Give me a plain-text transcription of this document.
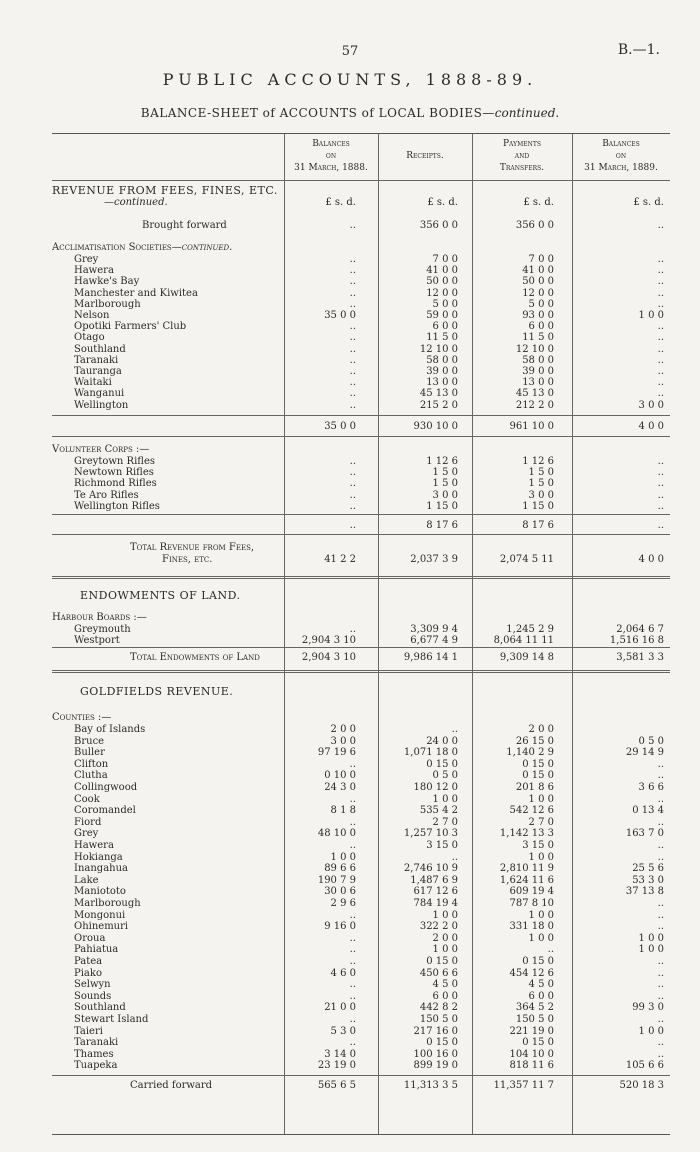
57	B.—1.
PUBLIC ACCOUNTS, 1888-89.
BALANCE-SHEET of ACCOUNTS of LOCAL BODIES—continued.
Balances
on
31 March, 1888.
Receipts.
Payments
and
Transfers.
Balances
on
31 March, 1889.
REVENUE FROM FEES, FINES, ETC.
—continued.	£ s. d.	£ s. d.	£ s. d.	£ s. d.
Brought forward	..	356 0 0	356 0 0	..
Acclimatisation Societies—continued.
Grey	..	7 0 0	7 0 0	..
Hawera	..	41 0 0	41 0 0	..
Hawke's Bay	..	50 0 0	50 0 0	..
Manchester and Kiwitea	..	12 0 0	12 0 0	..
Marlborough	..	5 0 0	5 0 0	..
Nelson	35 0 0	59 0 0	93 0 0	1 0 0
Opotiki Farmers' Club	..	6 0 0	6 0 0	..
Otago	..	11 5 0	11 5 0	..
Southland	..	12 10 0	12 10 0	..
Taranaki	..	58 0 0	58 0 0	..
Tauranga	..	39 0 0	39 0 0	..
Waitaki	..	13 0 0	13 0 0	..
Wanganui	..	45 13 0	45 13 0	..
Wellington	..	215 2 0	212 2 0	3 0 0
35 0 0	930 10 0	961 10 0	4 0 0
Volunteer Corps :—
Greytown Rifles	..	1 12 6	1 12 6	..
Newtown Rifles	..	1 5 0	1 5 0	..
Richmond Rifles	..	1 5 0	1 5 0	..
Te Aro Rifles	..	3 0 0	3 0 0	..
Wellington Rifles	..	1 15 0	1 15 0	..
..	8 17 6	8 17 6	..
Total Revenue from Fees,
Fines, etc.	41 2 2	2,037 3 9	2,074 5 11	4 0 0
ENDOWMENTS OF LAND.
Harbour Boards :—
Greymouth	..	3,309 9 4	1,245 2 9	2,064 6 7
Westport	2,904 3 10	6,677 4 9	8,064 11 11	1,516 16 8
Total Endowments of Land	2,904 3 10	9,986 14 1	9,309 14 8	3,581 3 3
GOLDFIELDS REVENUE.
Counties :—
Bay of Islands	2 0 0	..	2 0 0
Bruce	3 0 0	24 0 0	26 15 0	0 5 0
Buller	97 19 6	1,071 18 0	1,140 2 9	29 14 9
Clifton	..	0 15 0	0 15 0	..
Clutha	0 10 0	0 5 0	0 15 0	..
Collingwood	24 3 0	180 12 0	201 8 6	3 6 6
Cook	..	1 0 0	1 0 0	..
Coromandel	8 1 8	535 4 2	542 12 6	0 13 4
Fiord	..	2 7 0	2 7 0	..
Grey	48 10 0	1,257 10 3	1,142 13 3	163 7 0
Hawera	..	3 15 0	3 15 0	..
Hokianga	1 0 0	..	1 0 0	..
Inangahua	89 6 6	2,746 10 9	2,810 11 9	25 5 6
Lake	190 7 9	1,487 6 9	1,624 11 6	53 3 0
Maniototo	30 0 6	617 12 6	609 19 4	37 13 8
Marlborough	2 9 6	784 19 4	787 8 10	..
Mongonui	..	1 0 0	1 0 0	..
Ohinemuri	9 16 0	322 2 0	331 18 0	..
Oroua	..	2 0 0	1 0 0	1 0 0
Pahiatua	..	1 0 0	..	1 0 0
Patea	..	0 15 0	0 15 0	..
Piako	4 6 0	450 6 6	454 12 6	..
Selwyn	..	4 5 0	4 5 0	..
Sounds	..	6 0 0	6 0 0	..
Southland	21 0 0	442 8 2	364 5 2	99 3 0
Stewart Island	..	150 5 0	150 5 0	..
Taieri	5 3 0	217 16 0	221 19 0	1 0 0
Taranaki	..	0 15 0	0 15 0	..
Thames	3 14 0	100 16 0	104 10 0	..
Tuapeka	23 19 0	899 19 0	818 11 6	105 6 6
Carried forward	565 6 5	11,313 3 5	11,357 11 7	520 18 3
